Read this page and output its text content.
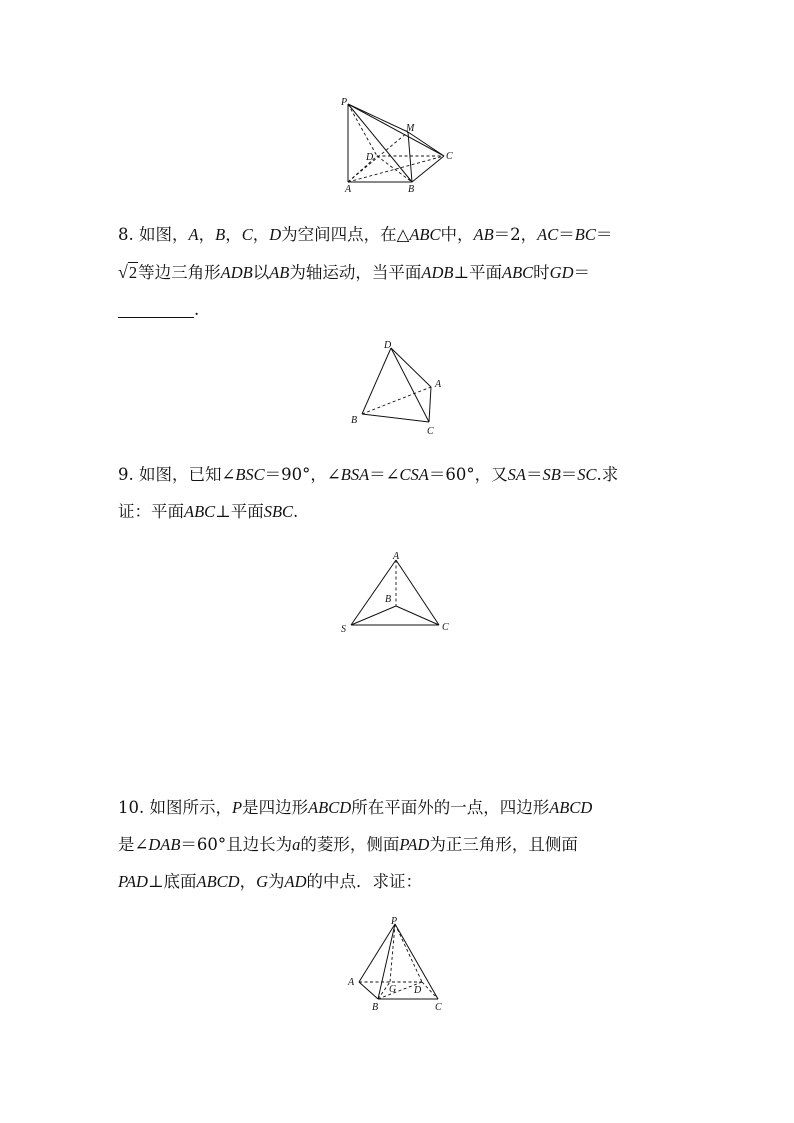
P
M
D	C
A	B
8. 如图，A，B，C，D为空间四点，在△ABC中，AB＝2，AC＝BC＝
√2等边三角形ADB以AB为轴运动，当平面ADB⊥平面ABC时GD＝
.
D
A
B
C
9. 如图，已知∠BSC＝90°，∠BSA＝∠CSA＝60°，又SA＝SB＝SC.求
证：平面ABC⊥平面SBC.
A
B
S	C
10. 如图所示，P是四边形ABCD所在平面外的一点，四边形ABCD
是∠DAB＝60°且边长为a的菱形，侧面PAD为正三角形，且侧面
PAD⊥底面ABCD，G为AD的中点．求证：
P
A
G D
B	C
